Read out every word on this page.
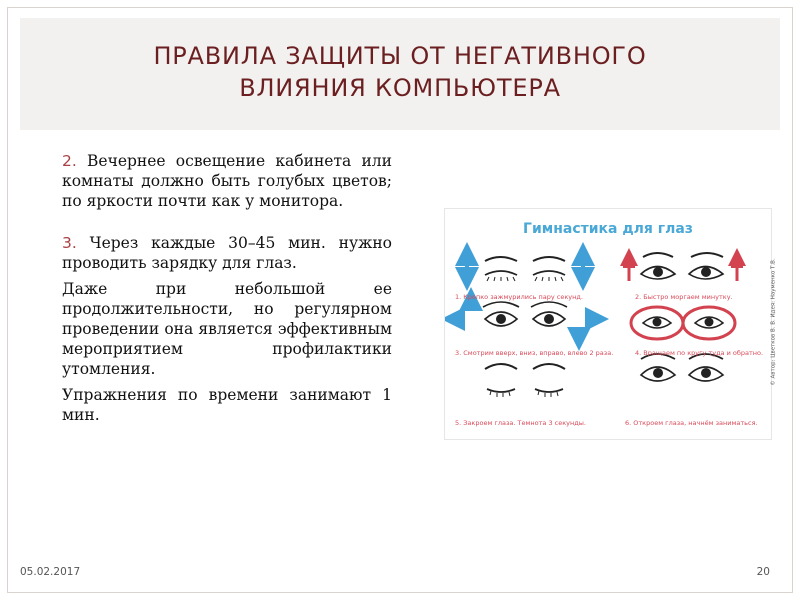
ПРАВИЛА ЗАЩИТЫ ОТ НЕГАТИВНОГО
ВЛИЯНИЯ КОМПЬЮТЕРА

2. Вечернее освещение кабинета или комнаты должно быть голубых цветов; по яркости почти как у монитора.

3. Через каждые 30–45 мин. нужно проводить зарядку для глаз.

Даже при небольшой ее продолжительности, но регулярном проведении она является эффективным мероприятием профилактики утомления.

Упражнения по времени занимают 1 мин.

Гимнастика для глаз
1. Крепко зажмурились пару секунд.	2. Быстро моргаем минутку.
3. Смотрим вверх, вниз, вправо, влево 2 раза.	4. Вращаем по кругу туда и обратно.
5. Закроем глаза. Темнота 3 секунды.	6. Откроем глаза, начнём заниматься.
© Автор: Цветков В. В. Идея: Науменко Т.В.
05.02.2017	20
